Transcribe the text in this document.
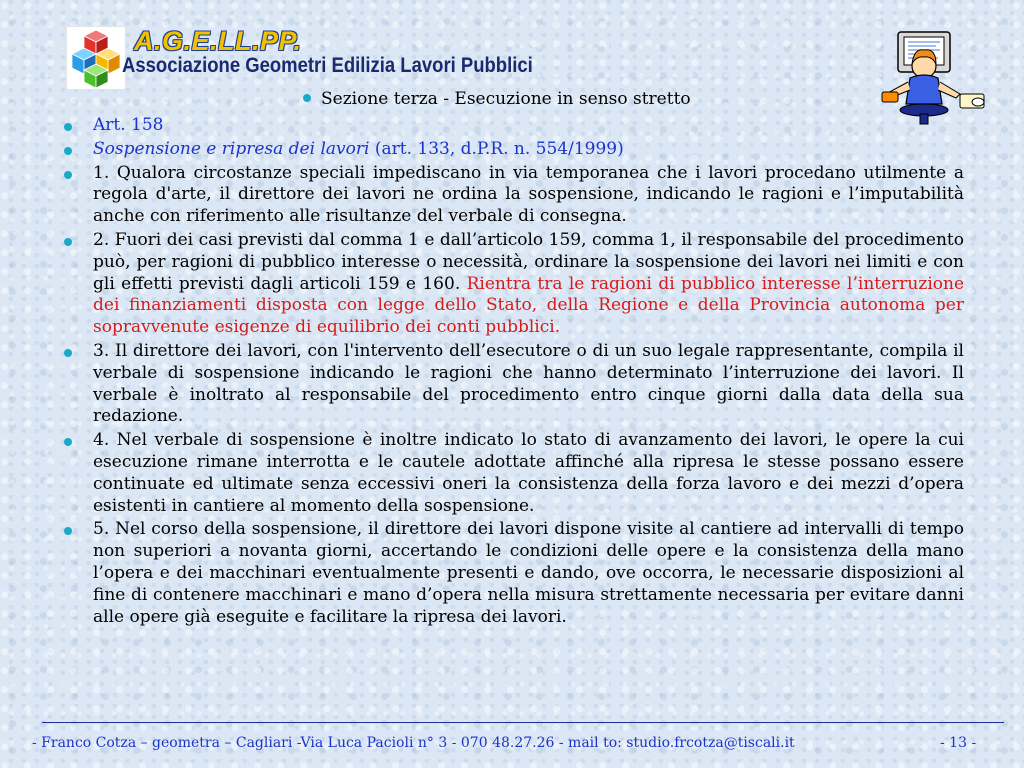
A.G.E.LL.PP.
Associazione Geometri Edilizia Lavori Pubblici
Sezione terza - Esecuzione in senso stretto
Art. 158
Sospensione e ripresa dei lavori (art. 133, d.P.R. n. 554/1999)
1. Qualora circostanze speciali impediscano in via temporanea che i lavori procedano utilmente a regola d'arte, il direttore dei lavori ne ordina la sospensione, indicando le ragioni e l’imputabilità anche con riferimento alle risultanze del verbale di consegna.
2. Fuori dei casi previsti dal comma 1 e dall’articolo 159, comma 1, il responsabile del procedimento può, per ragioni di pubblico interesse o necessità, ordinare la sospensione dei lavori nei limiti e con gli effetti previsti dagli articoli 159 e 160. Rientra tra le ragioni di pubblico interesse l’interruzione dei finanziamenti disposta con legge dello Stato, della Regione e della Provincia autonoma per sopravvenute esigenze di equilibrio dei conti pubblici.
3. Il direttore dei lavori, con l'intervento dell’esecutore o di un suo legale rappresentante, compila il verbale di sospensione indicando le ragioni che hanno determinato l’interruzione dei lavori. Il verbale è inoltrato al responsabile del procedimento entro cinque giorni dalla data della sua redazione.
4. Nel verbale di sospensione è inoltre indicato lo stato di avanzamento dei lavori, le opere la cui esecuzione rimane interrotta e le cautele adottate affinché alla ripresa le stesse possano essere continuate ed ultimate senza eccessivi oneri la consistenza della forza lavoro e dei mezzi d’opera esistenti in cantiere al momento della sospensione.
5. Nel corso della sospensione, il direttore dei lavori dispone visite al cantiere ad intervalli di tempo non superiori a novanta giorni, accertando le condizioni delle opere e la consistenza della mano l’opera e dei macchinari eventualmente presenti e dando, ove occorra, le necessarie disposizioni al fine di contenere macchinari e mano d’opera nella misura strettamente necessaria per evitare danni alle opere già eseguite e facilitare la ripresa dei lavori.
- Franco Cotza – geometra – Cagliari -Via Luca Pacioli n° 3 - 070 48.27.26 - mail to: studio.frcotza@tiscali.it	- 13 -
